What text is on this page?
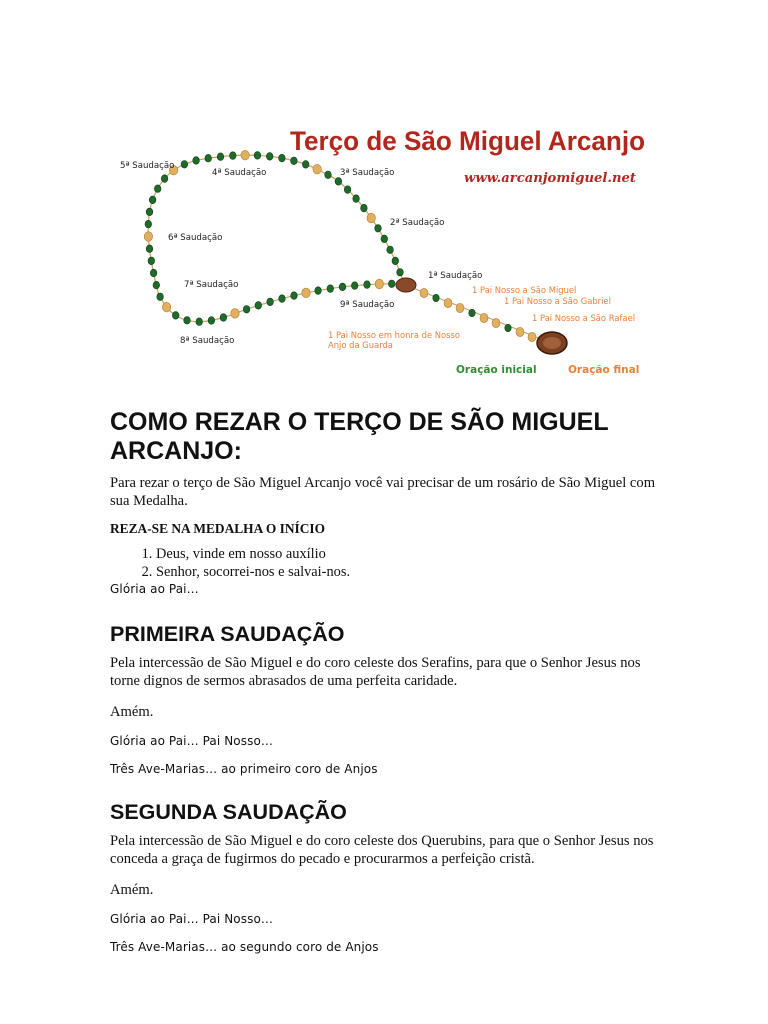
Terço de São Miguel Arcanjo
www.arcanjomiguel.net
5ª Saudação
4ª Saudação	3ª Saudação
2ª Saudação
6ª Saudação
7ª Saudação
8ª Saudação
9ª Saudação
1ª Saudação
1 Pai Nosso a São Miguel
1 Pai Nosso a São Gabriel
1 Pai Nosso a São Rafael
1 Pai Nosso em honra de Nosso
Anjo da Guarda
Oração inicial	Oração final
COMO REZAR O TERÇO DE SÃO MIGUEL ARCANJO:

Para rezar o terço de São Miguel Arcanjo você vai precisar de um rosário de São Miguel com sua Medalha.

REZA-SE NA MEDALHA O INÍCIO

1. Deus, vinde em nosso auxílio
2. Senhor, socorrei-nos e salvai-nos.

Glória ao Pai…

PRIMEIRA SAUDAÇÃO

Pela intercessão de São Miguel e do coro celeste dos Serafins, para que o Senhor Jesus nos torne dignos de sermos abrasados de uma perfeita caridade.

Amém.

Glória ao Pai… Pai Nosso…

Três Ave-Marias… ao primeiro coro de Anjos

SEGUNDA SAUDAÇÃO

Pela intercessão de São Miguel e do coro celeste dos Querubins, para que o Senhor Jesus nos conceda a graça de fugirmos do pecado e procurarmos a perfeição cristã.

Amém.

Glória ao Pai… Pai Nosso…

Três Ave-Marias… ao segundo coro de Anjos
